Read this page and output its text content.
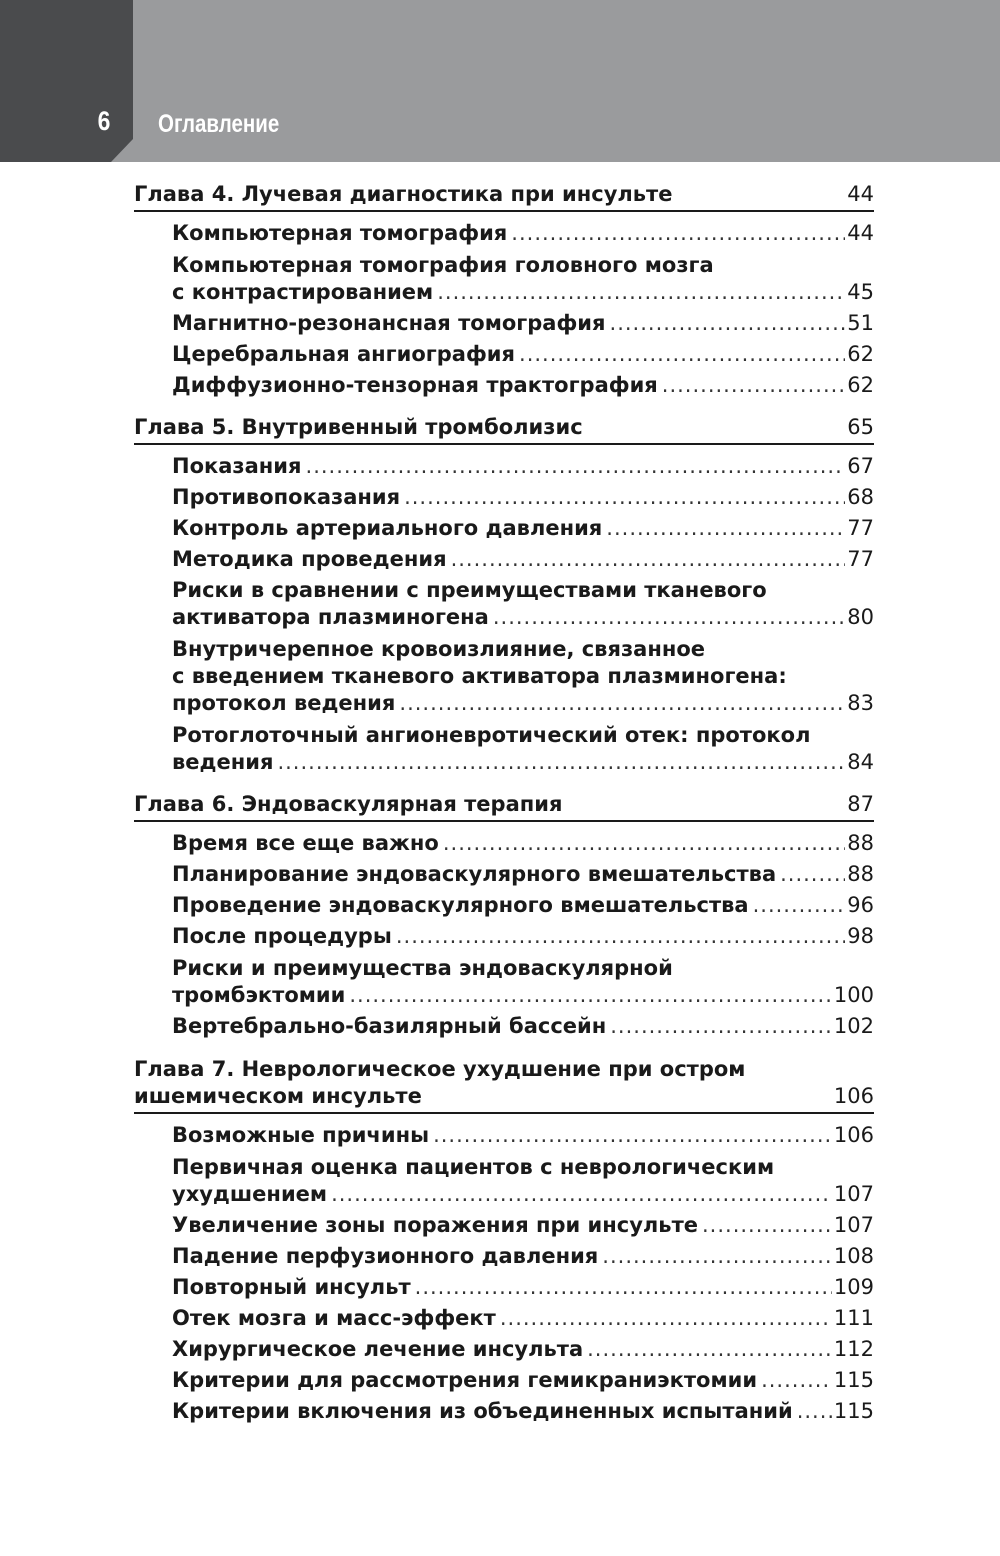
6	Оглавление
Глава 4. Лучевая диагностика при инсульте	44
Компьютерная томография .....	44
Компьютерная томография головного мозга
с контрастированием .....	45
Магнитно-резонансная томография .....	51
Церебральная ангиография .....	62
Диффузионно-тензорная трактография .....	62
Глава 5. Внутривенный тромболизис	65
Показания .....	67
Противопоказания .....	68
Контроль артериального давления .....	77
Методика проведения .....	77
Риски в сравнении с преимуществами тканевого
активатора плазминогена .....	80
Внутричерепное кровоизлияние, связанное
с введением тканевого активатора плазминогена:
протокол ведения .....	83
Ротоглоточный ангионевротический отек: протокол
ведения .....	84
Глава 6. Эндоваскулярная терапия	87
Время все еще важно .....	88
Планирование эндоваскулярного вмешательства .....	88
Проведение эндоваскулярного вмешательства .....	96
После процедуры .....	98
Риски и преимущества эндоваскулярной
тромбэктомии .....	100
Вертебрально-базилярный бассейн .....	102
Глава 7. Неврологическое ухудшение при остром
ишемическом инсульте	106
Возможные причины .....	106
Первичная оценка пациентов с неврологическим
ухудшением .....	107
Увеличение зоны поражения при инсульте .....	107
Падение перфузионного давления .....	108
Повторный инсульт .....	109
Отек мозга и масс-эффект .....	111
Хирургическое лечение инсульта .....	112
Критерии для рассмотрения гемикраниэктомии .....	115
Критерии включения из объединенных испытаний ..... 115
